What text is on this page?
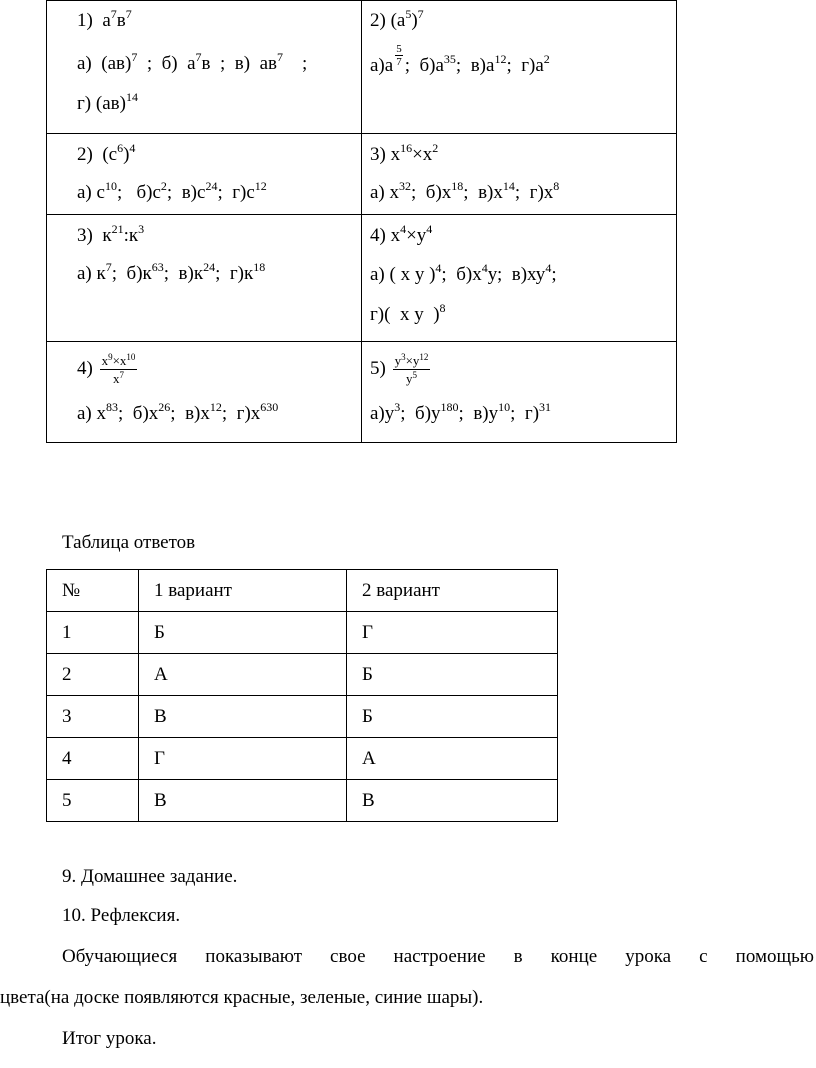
1)  $а^7в^7$
а)  (ав)$^7$  ;  б)  $а^7в$  ;  в)  $ав^7$    ;
г) (ав)$^{14}$	2) $(а^5)^7$
$а)а \frac{5}{7}$ ;  $б)а^{35}$;  $в)а^{12}$;  $г)а^2$

2)  $(с^6)^4$
а) $с^{10}$;   $б)с^2$;  $в)с^{24}$;  $г)с^{12}$	3) $х^{16}\times х^2$
а) $х^{32}$;  $б)х^{18}$;  $в)х^{14}$;  $г)х^8$

3)  $к^{21}:к^3$
а) $к^7$;  $б)к^{63}$;  $в)к^{24}$;  $г)к^{18}$	4) $х^4\times у^4$
а) ( х у )$^4$;  $б)х^4у$;  $в)ху^4$;
г)(  х у  )$^8$

$4) \frac{х^9\times х^{10}}{х^7}$
а) $х^{83}$;  $б)х^{26}$;  $в)х^{12}$;  $г)х^{630}$	$5) \frac{у^3\times у^{12}}{у^5}$
$а)у^3$;  $б)у^{180}$;  $в)у^{10}$;  г)$^{31}$
Таблица ответов
№	1 вариант	2 вариант
1	Б	Г
2	А	Б
3	В	Б
4	Г	А
5	В	В
9. Домашнее задание.
10. Рефлексия.
Обучающиеся показывают свое настроение в конце урока с помощью
цвета(на доске появляются красные, зеленые, синие шары).
Итог урока.
